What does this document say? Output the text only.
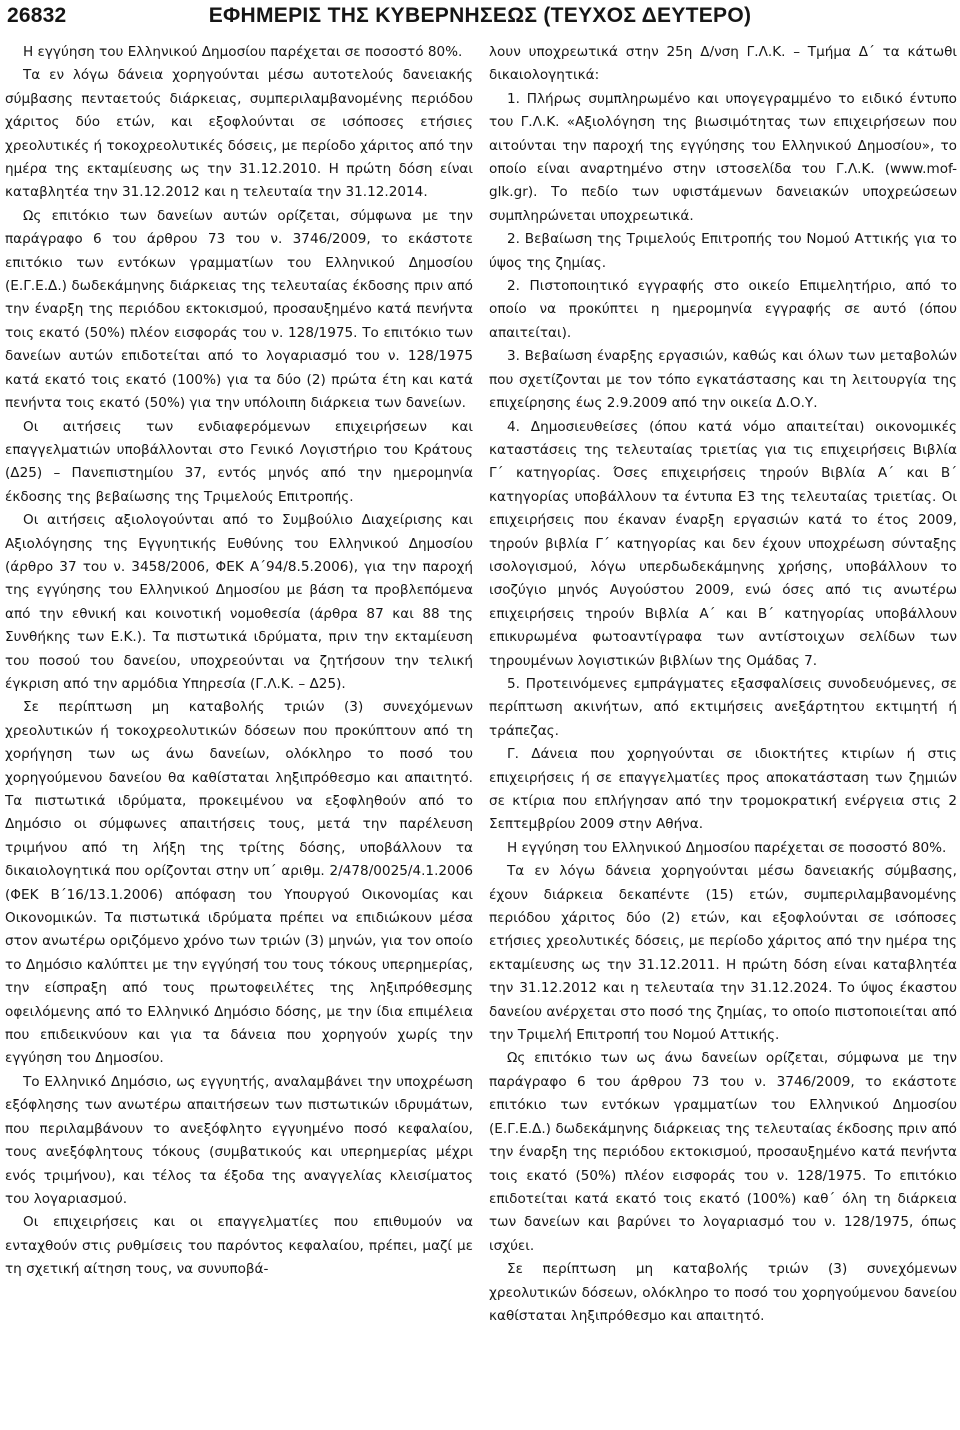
26832	ΕΦΗΜΕΡΙΣ ΤΗΣ ΚΥΒΕΡΝΗΣΕΩΣ (ΤΕΥΧΟΣ ΔΕΥΤΕΡΟ)

Η εγγύηση του Ελληνικού Δημοσίου παρέχεται σε ποσοστό 80%.

Τα εν λόγω δάνεια χορηγούνται μέσω αυτοτελούς δανειακής σύμβασης πενταετούς διάρκειας, συμπεριλαμβανομένης περιόδου χάριτος δύο ετών, και εξοφλούνται σε ισόποσες ετήσιες χρεολυτικές ή τοκοχρεολυτικές δόσεις, με περίοδο χάριτος από την ημέρα της εκταμίευσης ως την 31.12.2010. Η πρώτη δόση είναι καταβλητέα την 31.12.2012 και η τελευταία την 31.12.2014.

Ως επιτόκιο των δανείων αυτών ορίζεται, σύμφωνα με την παράγραφο 6 του άρθρου 73 του ν. 3746/2009, το εκάστοτε επιτόκιο των εντόκων γραμματίων του Ελληνικού Δημοσίου (Ε.Γ.Ε.Δ.) δωδεκάμηνης διάρκειας της τελευταίας έκδοσης πριν από την έναρξη της περιόδου εκτοκισμού, προσαυξημένο κατά πενήντα τοις εκατό (50%) πλέον εισφοράς του ν. 128/1975. Το επιτόκιο των δανείων αυτών επιδοτείται από το λογαριασμό του ν. 128/1975 κατά εκατό τοις εκατό (100%) για τα δύο (2) πρώτα έτη και κατά πενήντα τοις εκατό (50%) για την υπόλοιπη διάρκεια των δανείων.

Οι αιτήσεις των ενδιαφερόμενων επιχειρήσεων και επαγγελματιών υποβάλλονται στο Γενικό Λογιστήριο του Κράτους (Δ25) – Πανεπιστημίου 37, εντός μηνός από την ημερομηνία έκδοσης της βεβαίωσης της Τριμελούς Επιτροπής.

Οι αιτήσεις αξιολογούνται από το Συμβούλιο Διαχείρισης και Αξιολόγησης της Εγγυητικής Ευθύνης του Ελληνικού Δημοσίου (άρθρο 37 του ν. 3458/2006, ΦΕΚ Α΄94/8.5.2006), για την παροχή της εγγύησης του Ελληνικού Δημοσίου με βάση τα προβλεπόμενα από την εθνική και κοινοτική νομοθεσία (άρθρα 87 και 88 της Συνθήκης των Ε.Κ.). Τα πιστωτικά ιδρύματα, πριν την εκταμίευση του ποσού του δανείου, υποχρεούνται να ζητήσουν την τελική έγκριση από την αρμόδια Υπηρεσία (Γ.Λ.Κ. – Δ25).

Σε περίπτωση μη καταβολής τριών (3) συνεχόμενων χρεολυτικών ή τοκοχρεολυτικών δόσεων που προκύπτουν από τη χορήγηση των ως άνω δανείων, ολόκληρο το ποσό του χορηγούμενου δανείου θα καθίσταται ληξιπρόθεσμο και απαιτητό. Τα πιστωτικά ιδρύματα, προκειμένου να εξοφληθούν από το Δημόσιο οι σύμφωνες απαιτήσεις τους, μετά την παρέλευση τριμήνου από τη λήξη της τρίτης δόσης, υποβάλλουν τα δικαιολογητικά που ορίζονται στην υπ΄ αριθμ. 2/478/0025/4.1.2006 (ΦΕΚ Β΄16/13.1.2006) απόφαση του Υπουργού Οικονομίας και Οικονομικών. Τα πιστωτικά ιδρύματα πρέπει να επιδιώκουν μέσα στον ανωτέρω οριζόμενο χρόνο των τριών (3) μηνών, για τον οποίο το Δημόσιο καλύπτει με την εγγύησή του τους τόκους υπερημερίας, την είσπραξη από τους πρωτοφειλέτες της ληξιπρόθεσμης οφειλόμενης από το Ελληνικό Δημόσιο δόσης, με την ίδια επιμέλεια που επιδεικνύουν και για τα δάνεια που χορηγούν χωρίς την εγγύηση του Δημοσίου.

Το Ελληνικό Δημόσιο, ως εγγυητής, αναλαμβάνει την υποχρέωση εξόφλησης των ανωτέρω απαιτήσεων των πιστωτικών ιδρυμάτων, που περιλαμβάνουν το ανεξόφλητο εγγυημένο ποσό κεφαλαίου, τους ανεξόφλητους τόκους (συμβατικούς και υπερημερίας μέχρι ενός τριμήνου), και τέλος τα έξοδα της αναγγελίας κλεισίματος του λογαριασμού.

Οι επιχειρήσεις και οι επαγγελματίες που επιθυμούν να ενταχθούν στις ρυθμίσεις του παρόντος κεφαλαίου, πρέπει, μαζί με τη σχετική αίτηση τους, να συνυποβά-

λουν υποχρεωτικά στην 25η Δ/νση Γ.Λ.Κ. – Τμήμα Δ΄ τα κάτωθι δικαιολογητικά:

1. Πλήρως συμπληρωμένο και υπογεγραμμένο το ειδικό έντυπο του Γ.Λ.Κ. «Αξιολόγηση της βιωσιμότητας των επιχειρήσεων που αιτούνται την παροχή της εγγύησης του Ελληνικού Δημοσίου», το οποίο είναι αναρτημένο στην ιστοσελίδα του Γ.Λ.Κ. (www.mof-glk.gr). Το πεδίο των υφιστάμενων δανειακών υποχρεώσεων συμπληρώνεται υποχρεωτικά.

2. Βεβαίωση της Τριμελούς Επιτροπής του Νομού Αττικής για το ύψος της ζημίας.

2. Πιστοποιητικό εγγραφής στο οικείο Επιμελητήριο, από το οποίο να προκύπτει η ημερομηνία εγγραφής σε αυτό (όπου απαιτείται).

3. Βεβαίωση έναρξης εργασιών, καθώς και όλων των μεταβολών που σχετίζονται με τον τόπο εγκατάστασης και τη λειτουργία της επιχείρησης έως 2.9.2009 από την οικεία Δ.Ο.Υ.

4. Δημοσιευθείσες (όπου κατά νόμο απαιτείται) οικονομικές καταστάσεις της τελευταίας τριετίας για τις επιχειρήσεις Βιβλία Γ΄ κατηγορίας. Όσες επιχειρήσεις τηρούν Βιβλία Α΄ και Β΄ κατηγορίας υποβάλλουν τα έντυπα Ε3 της τελευταίας τριετίας. Οι επιχειρήσεις που έκαναν έναρξη εργασιών κατά το έτος 2009, τηρούν βιβλία Γ΄ κατηγορίας και δεν έχουν υποχρέωση σύνταξης ισολογισμού, λόγω υπερδωδεκάμηνης χρήσης, υποβάλλουν το ισοζύγιο μηνός Αυγούστου 2009, ενώ όσες από τις ανωτέρω επιχειρήσεις τηρούν Βιβλία Α΄ και Β΄ κατηγορίας υποβάλλουν επικυρωμένα φωτοαντίγραφα των αντίστοιχων σελίδων των τηρουμένων λογιστικών βιβλίων της Ομάδας 7.

5. Προτεινόμενες εμπράγματες εξασφαλίσεις συνοδευόμενες, σε περίπτωση ακινήτων, από εκτιμήσεις ανεξάρτητου εκτιμητή ή τράπεζας.

Γ. Δάνεια που χορηγούνται σε ιδιοκτήτες κτιρίων ή στις επιχειρήσεις ή σε επαγγελματίες προς αποκατάσταση των ζημιών σε κτίρια που επλήγησαν από την τρομοκρατική ενέργεια στις 2 Σεπτεμβρίου 2009 στην Αθήνα.

Η εγγύηση του Ελληνικού Δημοσίου παρέχεται σε ποσοστό 80%.

Τα εν λόγω δάνεια χορηγούνται μέσω δανειακής σύμβασης, έχουν διάρκεια δεκαπέντε (15) ετών, συμπεριλαμβανομένης περιόδου χάριτος δύο (2) ετών, και εξοφλούνται σε ισόποσες ετήσιες χρεολυτικές δόσεις, με περίοδο χάριτος από την ημέρα της εκταμίευσης ως την 31.12.2011. Η πρώτη δόση είναι καταβλητέα την 31.12.2012 και η τελευταία την 31.12.2024. Το ύψος έκαστου δανείου ανέρχεται στο ποσό της ζημίας, το οποίο πιστοποιείται από την Τριμελή Επιτροπή του Νομού Αττικής.

Ως επιτόκιο των ως άνω δανείων ορίζεται, σύμφωνα με την παράγραφο 6 του άρθρου 73 του ν. 3746/2009, το εκάστοτε επιτόκιο των εντόκων γραμματίων του Ελληνικού Δημοσίου (Ε.Γ.Ε.Δ.) δωδεκάμηνης διάρκειας της τελευταίας έκδοσης πριν από την έναρξη της περιόδου εκτοκισμού, προσαυξημένο κατά πενήντα τοις εκατό (50%) πλέον εισφοράς του ν. 128/1975. Το επιτόκιο επιδοτείται κατά εκατό τοις εκατό (100%) καθ΄ όλη τη διάρκεια των δανείων και βαρύνει το λογαριασμό του ν. 128/1975, όπως ισχύει.

Σε περίπτωση μη καταβολής τριών (3) συνεχόμενων χρεολυτικών δόσεων, ολόκληρο το ποσό του χορηγούμενου δανείου καθίσταται ληξιπρόθεσμο και απαιτητό.
